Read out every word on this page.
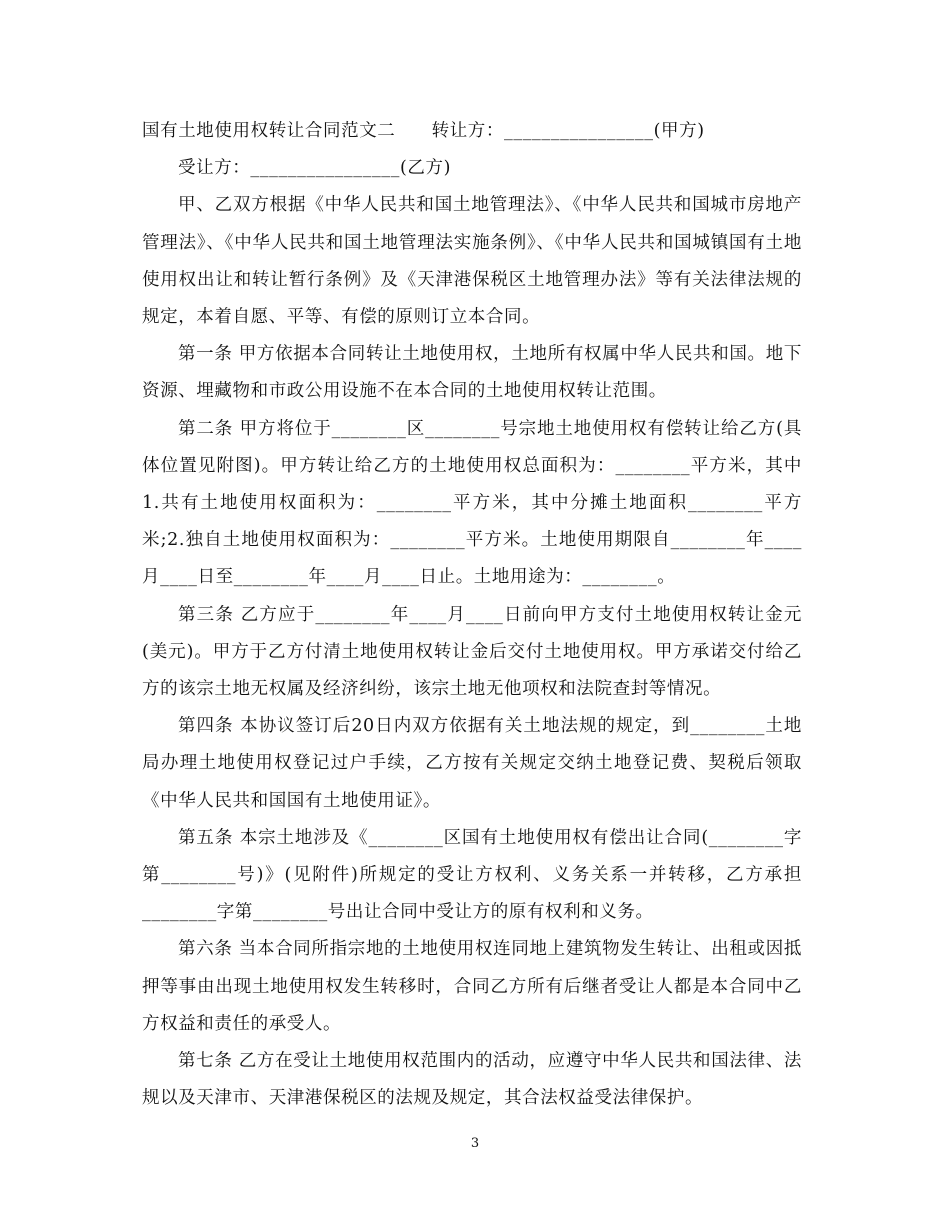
国有土地使用权转让合同范文二　　转让方：________________(甲方)

受让方：________________(乙方)

甲、乙双方根据《中华人民共和国土地管理法》、《中华人民共和国城市房地产管理法》、《中华人民共和国土地管理法实施条例》、《中华人民共和国城镇国有土地使用权出让和转让暂行条例》及《天津港保税区土地管理办法》等有关法律法规的规定，本着自愿、平等、有偿的原则订立本合同。

第一条 甲方依据本合同转让土地使用权，土地所有权属中华人民共和国。地下资源、埋藏物和市政公用设施不在本合同的土地使用权转让范围。

第二条 甲方将位于________区________号宗地土地使用权有偿转让给乙方(具体位置见附图)。甲方转让给乙方的土地使用权总面积为：________平方米，其中1.共有土地使用权面积为：________平方米，其中分摊土地面积________平方米;2.独自土地使用权面积为：________平方米。土地使用期限自________年____月____日至________年____月____日止。土地用途为：________。

第三条 乙方应于________年____月____日前向甲方支付土地使用权转让金元(美元)。甲方于乙方付清土地使用权转让金后交付土地使用权。甲方承诺交付给乙方的该宗土地无权属及经济纠纷，该宗土地无他项权和法院查封等情况。

第四条 本协议签订后20日内双方依据有关土地法规的规定，到________土地局办理土地使用权登记过户手续，乙方按有关规定交纳土地登记费、契税后领取《中华人民共和国国有土地使用证》。

第五条 本宗土地涉及《________区国有土地使用权有偿出让合同(________字第________号)》(见附件)所规定的受让方权利、义务关系一并转移，乙方承担________字第________号出让合同中受让方的原有权利和义务。

第六条 当本合同所指宗地的土地使用权连同地上建筑物发生转让、出租或因抵押等事由出现土地使用权发生转移时，合同乙方所有后继者受让人都是本合同中乙方权益和责任的承受人。

第七条 乙方在受让土地使用权范围内的活动，应遵守中华人民共和国法律、法规以及天津市、天津港保税区的法规及规定，其合法权益受法律保护。

3
